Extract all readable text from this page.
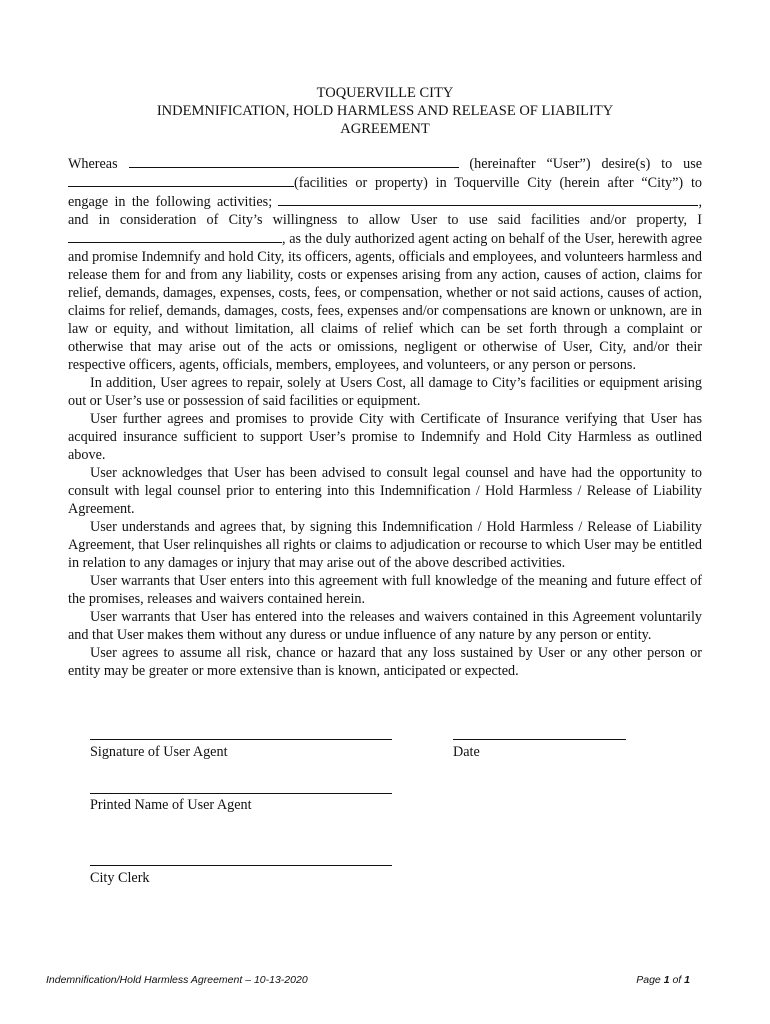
TOQUERVILLE CITY
INDEMNIFICATION, HOLD HARMLESS AND RELEASE OF LIABILITY
AGREEMENT

Whereas	(hereinafter “User”) desire(s) to use (facilities or property) in Toquerville City (herein after “City”) to engage in the following activities;	, and in consideration of City’s willingness to allow User to use said facilities and/or property, I , as the duly authorized agent acting on behalf of the User, herewith agree and promise Indemnify and hold City, its officers, agents, officials and employees, and volunteers harmless and release them for and from any liability, costs or expenses arising from any action, causes of action, claims for relief, demands, damages, expenses, costs, fees, or compensation, whether or not said actions, causes of action, claims for relief, demands, damages, costs, fees, expenses and/or compensations are known or unknown, are in law or equity, and without limitation, all claims of relief which can be set forth through a complaint or otherwise that may arise out of the acts or omissions, negligent or otherwise of User, City, and/or their respective officers, agents, officials, members, employees, and volunteers, or any person or persons.

In addition, User agrees to repair, solely at Users Cost, all damage to City’s facilities or equipment arising out or User’s use or possession of said facilities or equipment.

User further agrees and promises to provide City with Certificate of Insurance verifying that User has acquired insurance sufficient to support User’s promise to Indemnify and Hold City Harmless as outlined above.

User acknowledges that User has been advised to consult legal counsel and have had the opportunity to consult with legal counsel prior to entering into this Indemnification / Hold Harmless / Release of Liability Agreement.

User understands and agrees that, by signing this Indemnification / Hold Harmless / Release of Liability Agreement, that User relinquishes all rights or claims to adjudication or recourse to which User may be entitled in relation to any damages or injury that may arise out of the above described activities.

User warrants that User enters into this agreement with full knowledge of the meaning and future effect of the promises, releases and waivers contained herein.

User warrants that User has entered into the releases and waivers contained in this Agreement voluntarily and that User makes them without any duress or undue influence of any nature by any person or entity.

User agrees to assume all risk, chance or hazard that any loss sustained by User or any other person or entity may be greater or more extensive than is known, anticipated or expected.

Signature of User Agent	Date
Printed Name of User Agent
City Clerk
Indemnification/Hold Harmless Agreement – 10-13-2020	Page 1 of 1
